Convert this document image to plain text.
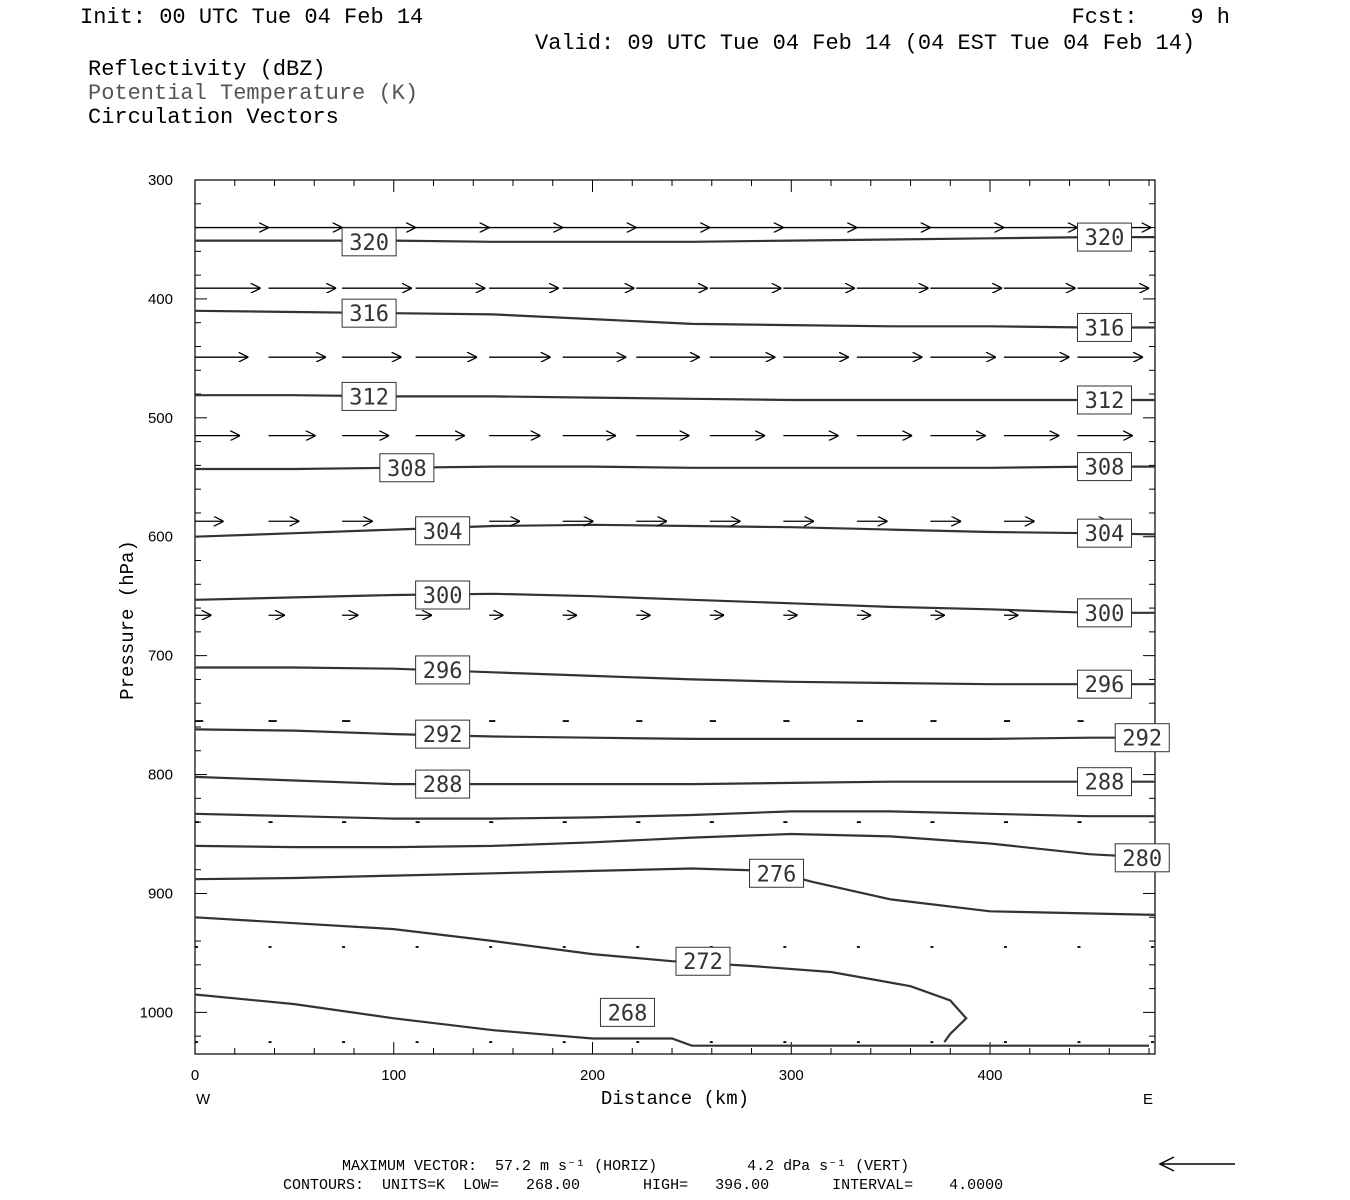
Init: 00 UTC Tue 04 Feb 14	Fcst:    9 h
Valid: 09 UTC Tue 04 Feb 14 (04 EST Tue 04 Feb 14)
Reflectivity (dBZ)
Potential Temperature (K)
Circulation Vectors
320	320
316
316
312	312
308	308
304	304
300
300
296
296
292	292
288	288
280
276
272
268
0	100	200	300	400
300
400
500
600
700
800
900
1000
W	E
Distance (km)
Pressure (hPa)
MAXIMUM VECTOR:  57.2 m s⁻¹ (HORIZ)          4.2 dPa s⁻¹ (VERT)
CONTOURS:  UNITS=K  LOW=   268.00       HIGH=   396.00       INTERVAL=    4.0000
